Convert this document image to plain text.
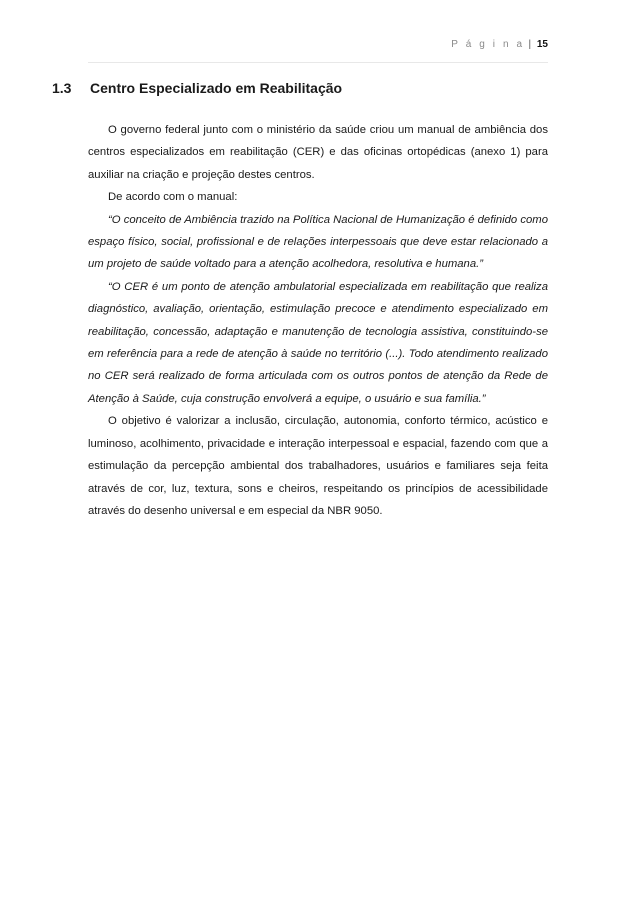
P á g i n a | 15
1.3 Centro Especializado em Reabilitação

O governo federal junto com o ministério da saúde criou um manual de ambiência dos centros especializados em reabilitação (CER) e das oficinas ortopédicas (anexo 1) para auxiliar na criação e projeção destes centros.

De acordo com o manual:

“O conceito de Ambiência trazido na Política Nacional de Humanização é definido como espaço físico, social, profissional e de relações interpessoais que deve estar relacionado a um projeto de saúde voltado para a atenção acolhedora, resolutiva e humana.”

“O CER é um ponto de atenção ambulatorial especializada em reabilitação que realiza diagnóstico, avaliação, orientação, estimulação precoce e atendimento especializado em reabilitação, concessão, adaptação e manutenção de tecnologia assistiva, constituindo-se em referência para a rede de atenção à saúde no território (...). Todo atendimento realizado no CER será realizado de forma articulada com os outros pontos de atenção da Rede de Atenção à Saúde, cuja construção envolverá a equipe, o usuário e sua família.”

O objetivo é valorizar a inclusão, circulação, autonomia, conforto térmico, acústico e luminoso, acolhimento, privacidade e interação interpessoal e espacial, fazendo com que a estimulação da percepção ambiental dos trabalhadores, usuários e familiares seja feita através de cor, luz, textura, sons e cheiros, respeitando os princípios de acessibilidade através do desenho universal e em especial da NBR 9050.
